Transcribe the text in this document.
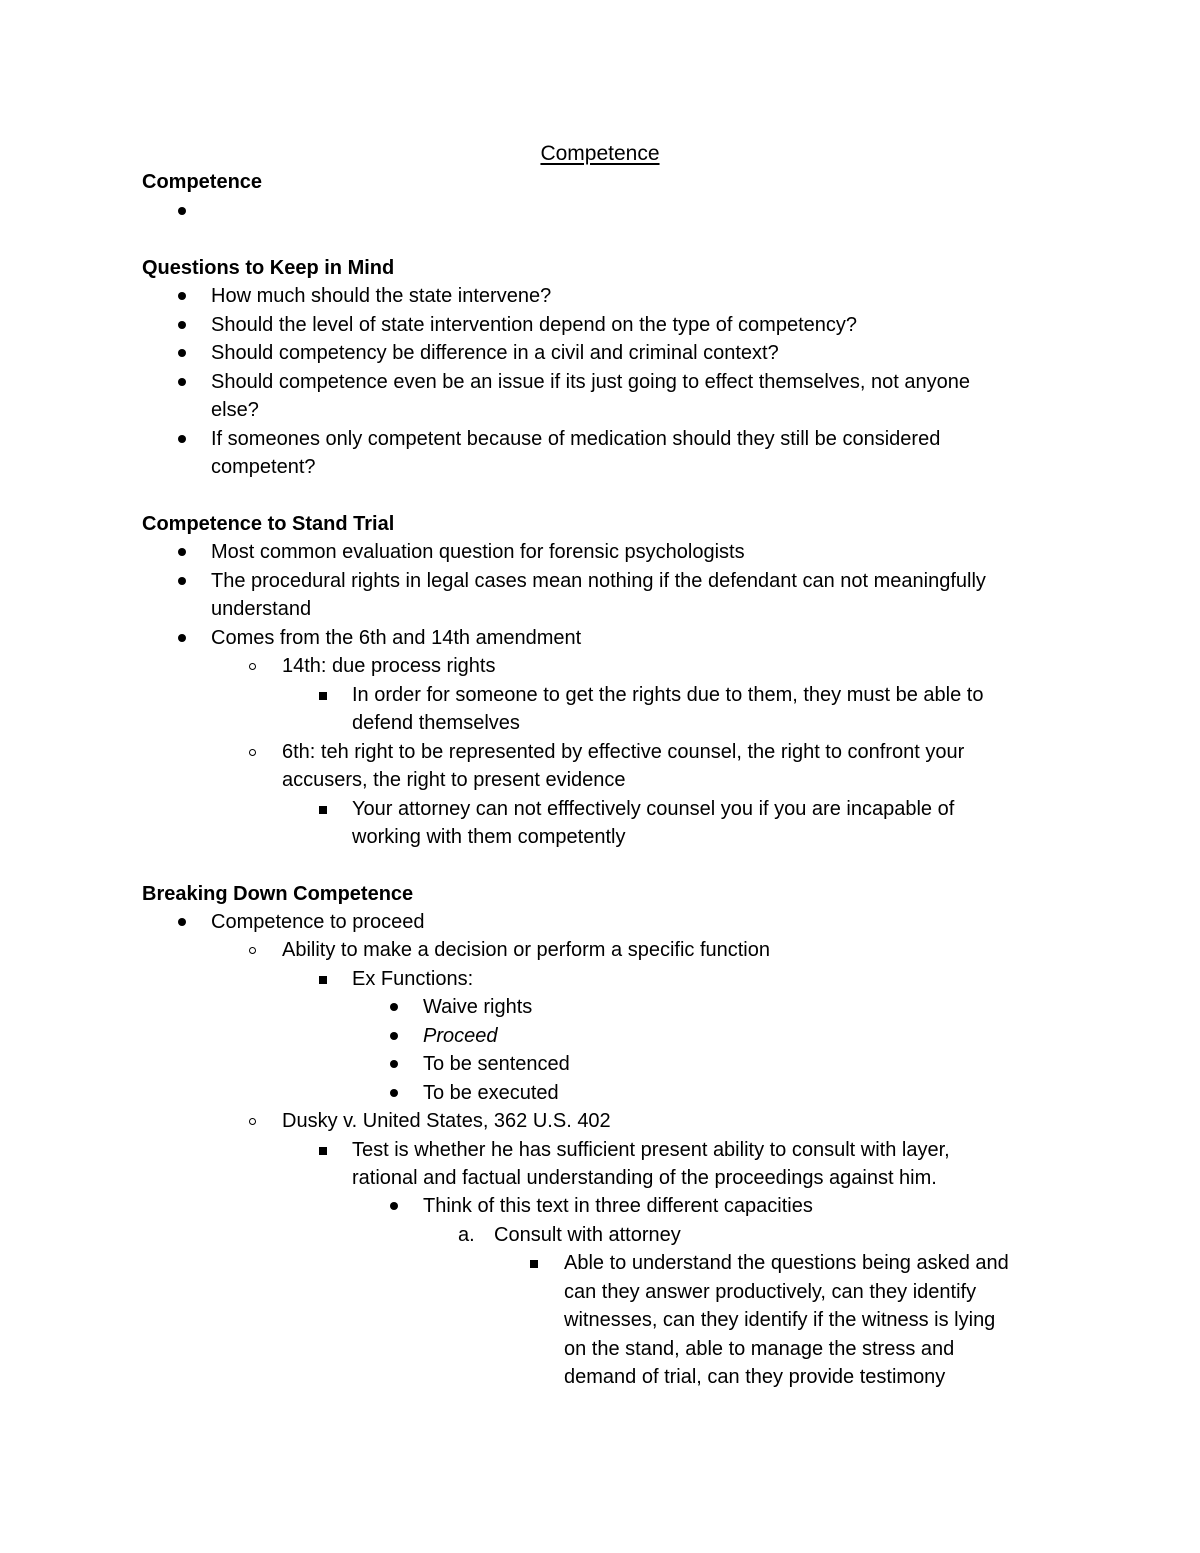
Competence
Competence
Questions to Keep in Mind
How much should the state intervene?
Should the level of state intervention depend on the type of competency?
Should competency be difference in a civil and criminal context?
Should competence even be an issue if its just going to effect themselves, not anyone
else?
If someones only competent because of medication should they still be considered
competent?
Competence to Stand Trial
Most common evaluation question for forensic psychologists
The procedural rights in legal cases mean nothing if the defendant can not meaningfully
understand
Comes from the 6th and 14th amendment
14th: due process rights
In order for someone to get the rights due to them, they must be able to
defend themselves
6th: teh right to be represented by effective counsel, the right to confront your
accusers, the right to present evidence
Your attorney can not efffectively counsel you if you are incapable of
working with them competently
Breaking Down Competence
Competence to proceed
Ability to make a decision or perform a specific function
Ex Functions:
Waive rights
Proceed
To be sentenced
To be executed
Dusky v. United States, 362 U.S. 402
Test is whether he has sufficient present ability to consult with layer,
rational and factual understanding of the proceedings against him.
Think of this text in three different capacities
a. Consult with attorney
Able to understand the questions being asked and
can they answer productively, can they identify
witnesses, can they identify if the witness is lying
on the stand, able to manage the stress and
demand of trial, can they provide testimony
